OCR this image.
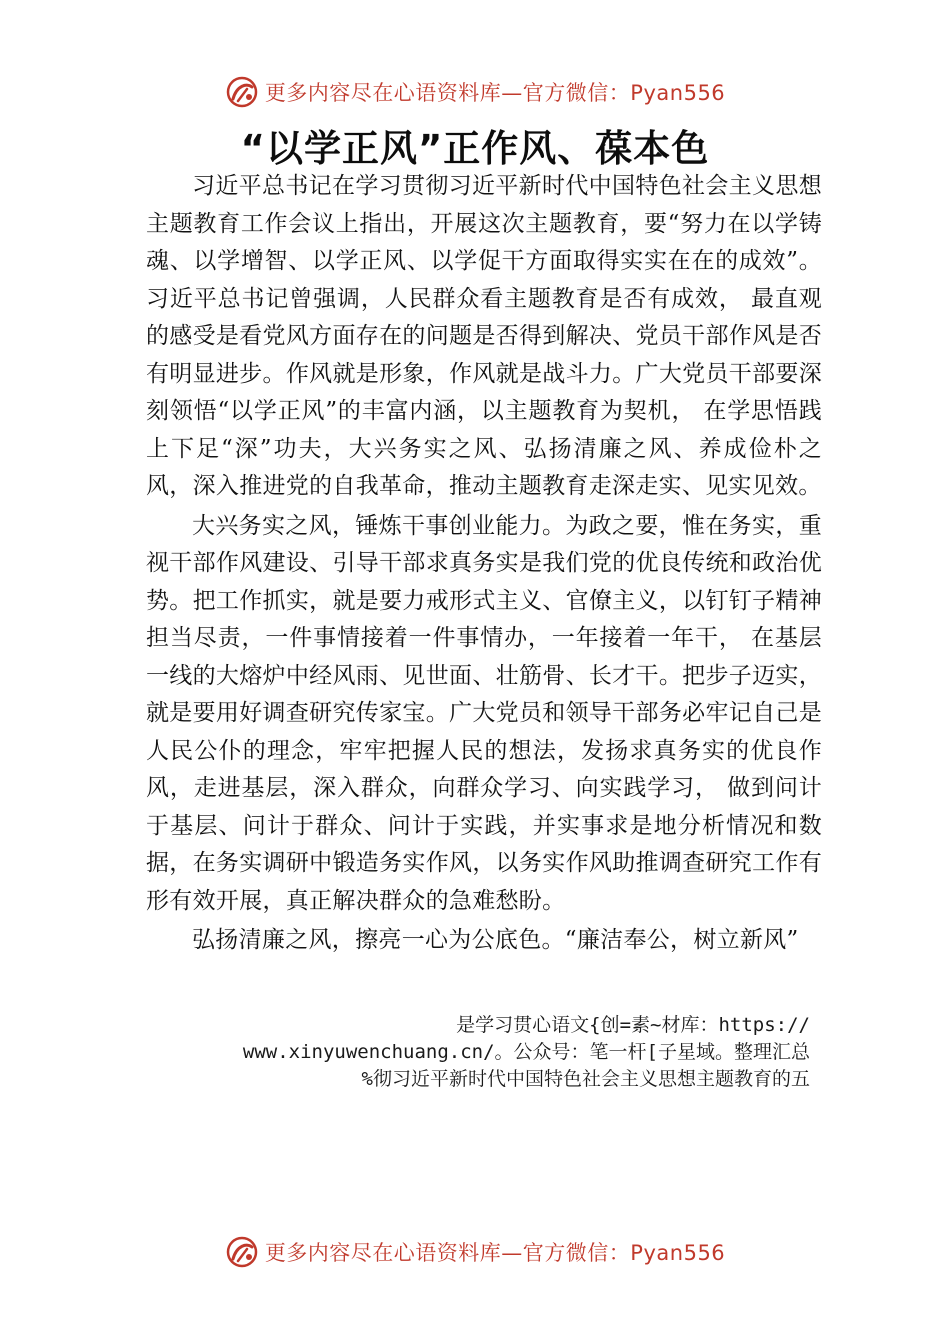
更多内容尽在心语资料库—官方微信：Pyan556
“以学正风”正作风、葆本色

习近平总书记在学习贯彻习近平新时代中国特色社会主义思想主题教育工作会议上指出，开展这次主题教育，要“努力在以学铸魂、以学增智、以学正风、以学促干方面取得实实在在的成效”。习近平总书记曾强调，人民群众看主题教育是否有成效， 最直观的感受是看党风方面存在的问题是否得到解决、党员干部作风是否有明显进步。作风就是形象，作风就是战斗力。广大党员干部要深刻领悟“以学正风”的丰富内涵，以主题教育为契机， 在学思悟践上下足“深”功夫，大兴务实之风、弘扬清廉之风、养成俭朴之风，深入推进党的自我革命，推动主题教育走深走实、见实见效。

大兴务实之风，锤炼干事创业能力。为政之要，惟在务实，重视干部作风建设、引导干部求真务实是我们党的优良传统和政治优势。把工作抓实，就是要力戒形式主义、官僚主义，以钉钉子精神担当尽责，一件事情接着一件事情办，一年接着一年干， 在基层一线的大熔炉中经风雨、见世面、壮筋骨、长才干。把步子迈实，就是要用好调查研究传家宝。广大党员和领导干部务必牢记自己是人民公仆的理念，牢牢把握人民的想法，发扬求真务实的优良作风，走进基层，深入群众，向群众学习、向实践学习， 做到问计于基层、问计于群众、问计于实践，并实事求是地分析情况和数据，在务实调研中锻造务实作风，以务实作风助推调查研究工作有形有效开展，真正解决群众的急难愁盼。

弘扬清廉之风，擦亮一心为公底色。“廉洁奉公，树立新风”

是学习贯心语文{创=素~材库：https://
www.xinyuwenchuang.cn/。公众号：笔一杆[子星域。整理汇总
%彻习近平新时代中国特色社会主义思想主题教育的五
更多内容尽在心语资料库—官方微信：Pyan556
